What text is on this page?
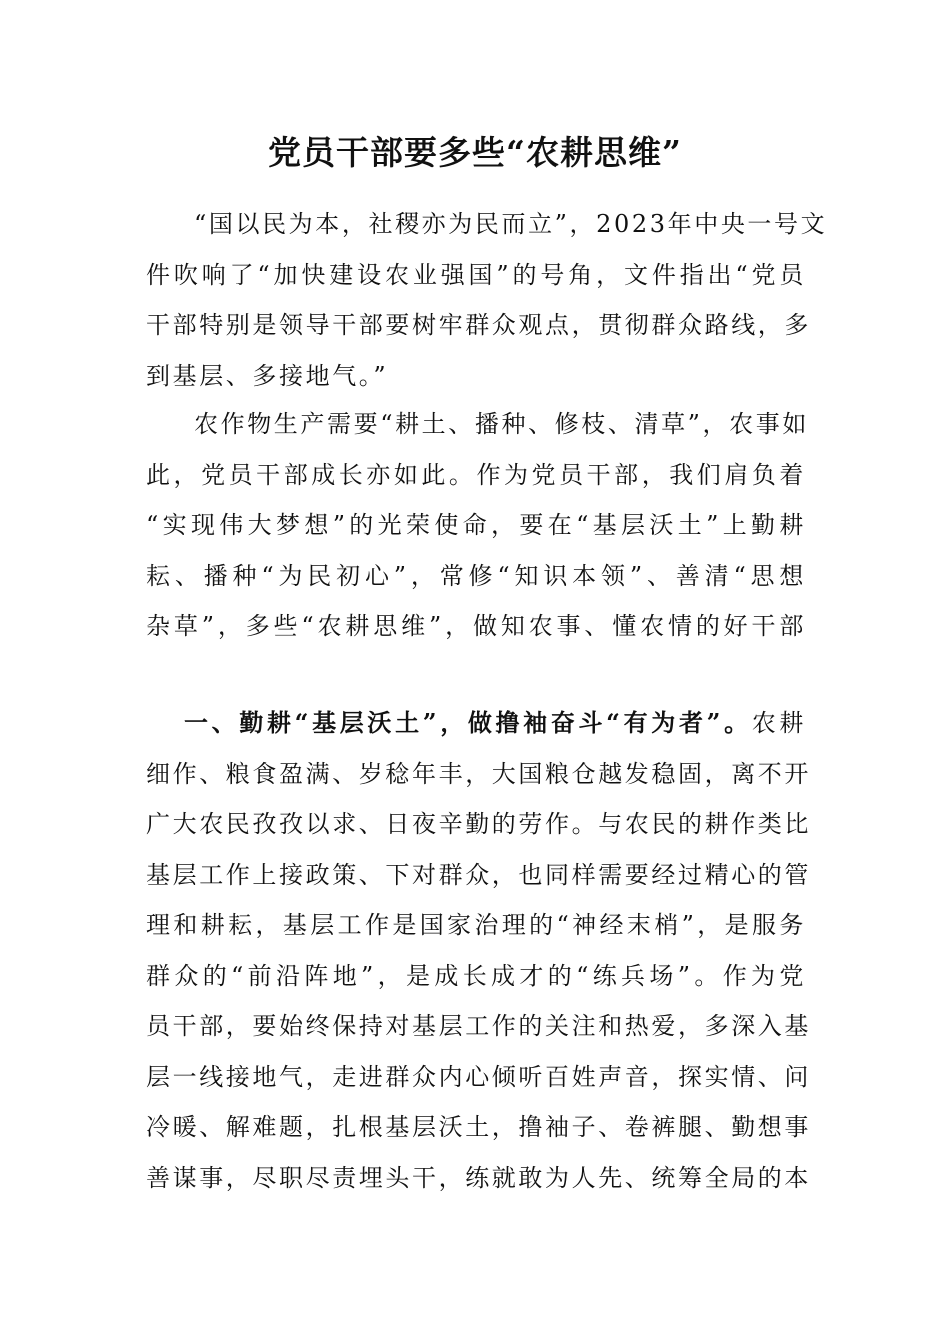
党员干部要多些“农耕思维”
“国以民为本，社稷亦为民而立”，2023年中央一号文
件吹响了“加快建设农业强国”的号角，文件指出“党员
干部特别是领导干部要树牢群众观点，贯彻群众路线，多
到基层、多接地气。”
农作物生产需要“耕土、播种、修枝、清草”，农事如
此，党员干部成长亦如此。作为党员干部，我们肩负着
“实现伟大梦想”的光荣使命，要在“基层沃土”上勤耕
耘、播种“为民初心”，常修“知识本领”、善清“思想
杂草”，多些“农耕思维”，做知农事、懂农情的好干部
一、勤耕“基层沃土”，做撸袖奋斗“有为者”。农耕
细作、粮食盈满、岁稔年丰，大国粮仓越发稳固，离不开
广大农民孜孜以求、日夜辛勤的劳作。与农民的耕作类比
基层工作上接政策、下对群众，也同样需要经过精心的管
理和耕耘，基层工作是国家治理的“神经末梢”，是服务
群众的“前沿阵地”，是成长成才的“练兵场”。作为党
员干部，要始终保持对基层工作的关注和热爱，多深入基
层一线接地气，走进群众内心倾听百姓声音，探实情、问
冷暖、解难题，扎根基层沃土，撸袖子、卷裤腿、勤想事
善谋事，尽职尽责埋头干，练就敢为人先、统筹全局的本
